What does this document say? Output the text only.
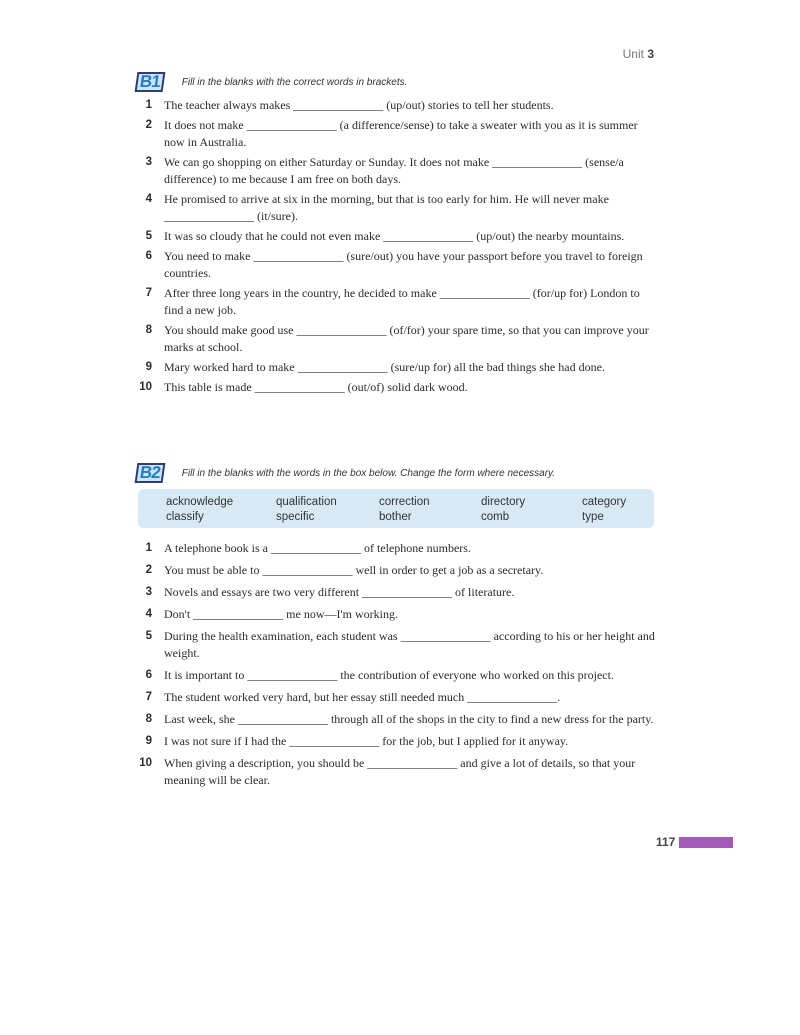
Unit 3
B1	Fill in the blanks with the correct words in brackets.
1 The teacher always makes _______________ (up/out) stories to tell her students.
2 It does not make _______________ (a difference/sense) to take a sweater with you as it is summer now in Australia.
3 We can go shopping on either Saturday or Sunday. It does not make _______________ (sense/a difference) to me because I am free on both days.
4 He promised to arrive at six in the morning, but that is too early for him. He will never make _______________ (it/sure).
5 It was so cloudy that he could not even make _______________ (up/out) the nearby mountains.
6 You need to make _______________ (sure/out) you have your passport before you travel to foreign countries.
7 After three long years in the country, he decided to make _______________ (for/up for) London to find a new job.
8 You should make good use _______________ (of/for) your spare time, so that you can improve your marks at school.
9 Mary worked hard to make _______________ (sure/up for) all the bad things she had done.
10 This table is made _______________ (out/of) solid dark wood.
B2	Fill in the blanks with the words in the box below. Change the form where necessary.
acknowledge	qualification	correction	directory	category
classify	specific	bother	comb	type
1 A telephone book is a _______________ of telephone numbers.
2 You must be able to _______________ well in order to get a job as a secretary.
3 Novels and essays are two very different _______________ of literature.
4 Don't _______________ me now—I'm working.
5 During the health examination, each student was _______________ according to his or her height and weight.
6 It is important to _______________ the contribution of everyone who worked on this project.
7 The student worked very hard, but her essay still needed much _______________.
8 Last week, she _______________ through all of the shops in the city to find a new dress for the party.
9 I was not sure if I had the _______________ for the job, but I applied for it anyway.
10 When giving a description, you should be _______________ and give a lot of details, so that your meaning will be clear.
117
